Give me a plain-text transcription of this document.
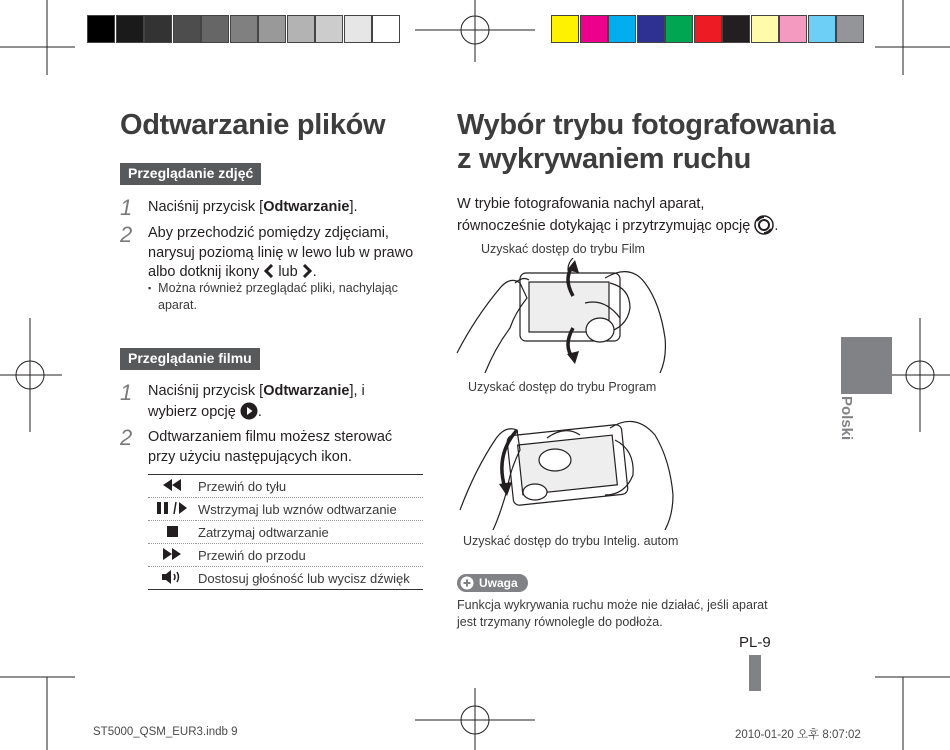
Odtwarzanie plików
Przeglądanie zdjęć
1 Naciśnij przycisk [Odtwarzanie].
2 Aby przechodzić pomiędzy zdjęciami,
narysuj poziomą linię w lewo lub w prawo
albo dotknij ikony lub .
▪ Można również przeglądać pliki, nachylając
aparat.
Przeglądanie filmu
1 Naciśnij przycisk [Odtwarzanie], i
wybierz opcję .
2 Odtwarzaniem filmu możesz sterować
przy użyciu następujących ikon.
	Przewiń do tyłu
	Wstrzymaj lub wznów odtwarzanie
	Zatrzymaj odtwarzanie
	Przewiń do przodu
	Dostosuj głośność lub wycisz dźwięk
Wybór trybu fotografowania
z wykrywaniem ruchu
W trybie fotografowania nachyl aparat,
równocześnie dotykając i przytrzymując opcję .
Uzyskać dostęp do trybu Film
Uzyskać dostęp do trybu Program
Uzyskać dostęp do trybu Intelig. autom
Uwaga
Funkcja wykrywania ruchu może nie działać, jeśli aparat
jest trzymany równolegle do podłoża.
Polski
PL-9
ST5000_QSM_EUR3.indb 9	2010-01-20 오후 8:07:02
